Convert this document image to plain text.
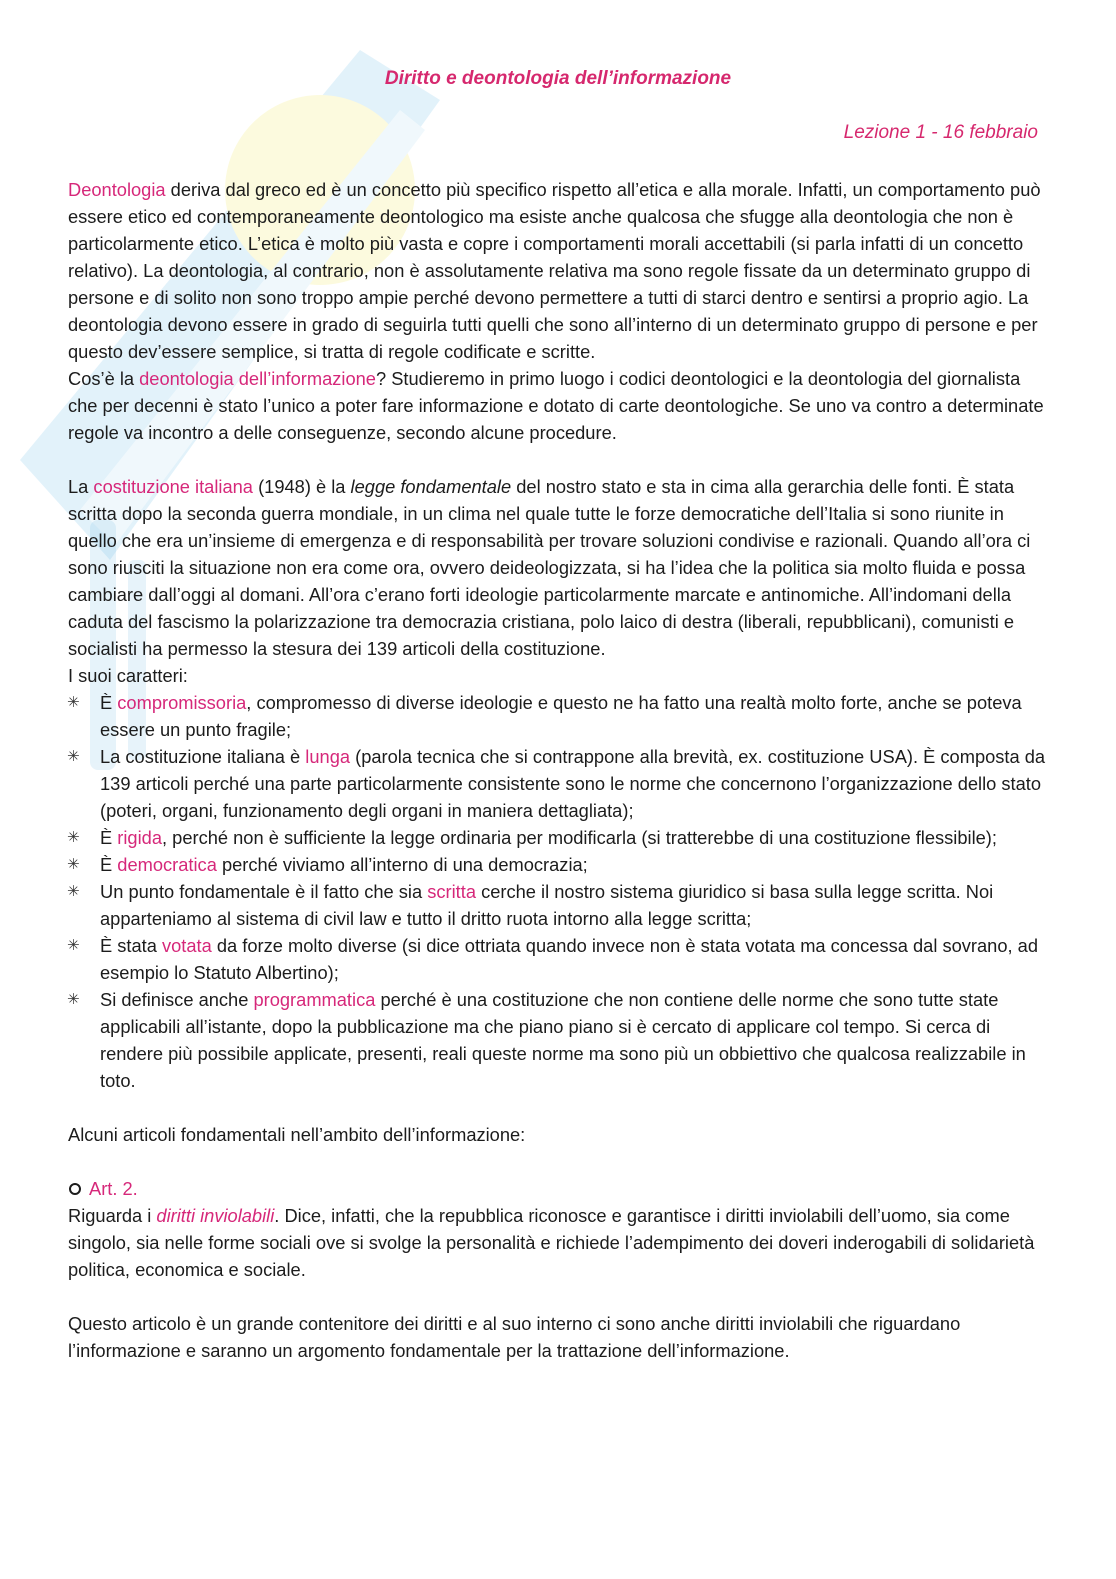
Diritto e deontologia dell’informazione
Lezione 1 - 16 febbraio

Deontologia deriva dal greco ed è un concetto più specifico rispetto all’etica e alla morale. Infatti, un comportamento può essere etico ed contemporaneamente deontologico ma esiste anche qualcosa che sfugge alla deontologia che non è particolarmente etico. L’etica è molto più vasta e copre i comportamenti morali accettabili (si parla infatti di un concetto relativo). La deontologia, al contrario, non è assolutamente relativa ma sono regole fissate da un determinato gruppo di persone e di solito non sono troppo ampie perché devono permettere a tutti di starci dentro e sentirsi a proprio agio. La deontologia devono essere in grado di seguirla tutti quelli che sono all’interno di un determinato gruppo di persone e per questo dev’essere semplice, si tratta di regole codificate e scritte.

Cos’è la deontologia dell’informazione? Studieremo in primo luogo i codici deontologici e la deontologia del giornalista che per decenni è stato l’unico a poter fare informazione e dotato di carte deontologiche. Se uno va contro a determinate regole va incontro a delle conseguenze, secondo alcune procedure.

La costituzione italiana (1948) è la legge fondamentale del nostro stato e sta in cima alla gerarchia delle fonti. È stata scritta dopo la seconda guerra mondiale, in un clima nel quale tutte le forze democratiche dell’Italia si sono riunite in quello che era un’insieme di emergenza e di responsabilità per trovare soluzioni condivise e razionali. Quando all’ora ci sono riusciti la situazione non era come ora, ovvero deideologizzata, si ha l’idea che la politica sia molto fluida e possa cambiare dall’oggi al domani. All’ora c’erano forti ideologie particolarmente marcate e antinomiche. All’indomani della caduta del fascismo la polarizzazione tra democrazia cristiana, polo laico di destra (liberali, repubblicani), comunisti e socialisti ha permesso la stesura dei 139 articoli della costituzione.

I suoi caratteri:

✳ È compromissoria, compromesso di diverse ideologie e questo ne ha fatto una realtà molto forte, anche se poteva essere un punto fragile;
✳ La costituzione italiana è lunga (parola tecnica che si contrappone alla brevità, ex. costituzione USA). È composta da 139 articoli perché una parte particolarmente consistente sono le norme che concernono l’organizzazione dello stato (poteri, organi, funzionamento degli organi in maniera dettagliata);
✳ È rigida, perché non è sufficiente la legge ordinaria per modificarla (si tratterebbe di una costituzione flessibile);
✳ È democratica perché viviamo all’interno di una democrazia;
✳ Un punto fondamentale è il fatto che sia scritta cerche il nostro sistema giuridico si basa sulla legge scritta. Noi apparteniamo al sistema di civil law e tutto il dritto ruota intorno alla legge scritta;
✳ È stata votata da forze molto diverse (si dice ottriata quando invece non è stata votata ma concessa dal sovrano, ad esempio lo Statuto Albertino);
✳ Si definisce anche programmatica perché è una costituzione che non contiene delle norme che sono tutte state applicabili all’istante, dopo la pubblicazione ma che piano piano si è cercato di applicare col tempo. Si cerca di rendere più possibile applicate, presenti, reali queste norme ma sono più un obbiettivo che qualcosa realizzabile in toto.

Alcuni articoli fondamentali nell’ambito dell’informazione:

Art. 2.

Riguarda i diritti inviolabili. Dice, infatti, che la repubblica riconosce e garantisce i diritti inviolabili dell’uomo, sia come singolo, sia nelle forme sociali ove si svolge la personalità e richiede l’adempimento dei doveri inderogabili di solidarietà politica, economica e sociale.

Questo articolo è un grande contenitore dei diritti e al suo interno ci sono anche diritti inviolabili che riguardano l’informazione e saranno un argomento fondamentale per la trattazione dell’informazione.
